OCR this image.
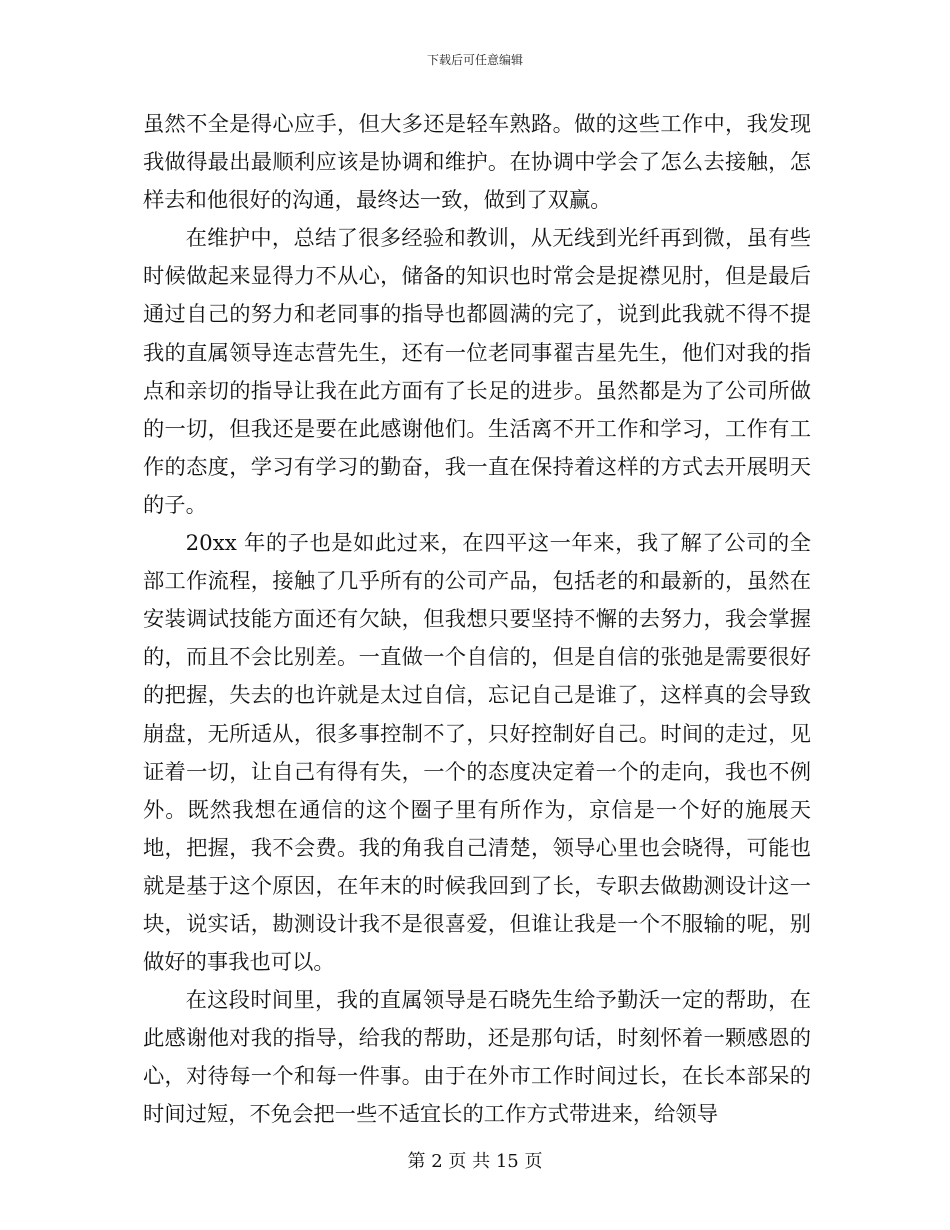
下载后可任意编辑

虽然不全是得心应手，但大多还是轻车熟路。做的这些工作中，我发现我做得最出最顺利应该是协调和维护。在协调中学会了怎么去接触，怎样去和他很好的沟通，最终达一致，做到了双赢。

在维护中，总结了很多经验和教训，从无线到光纤再到微，虽有些时候做起来显得力不从心，储备的知识也时常会是捉襟见肘，但是最后通过自己的努力和老同事的指导也都圆满的完了，说到此我就不得不提我的直属领导连志营先生，还有一位老同事翟吉星先生，他们对我的指点和亲切的指导让我在此方面有了长足的进步。虽然都是为了公司所做的一切，但我还是要在此感谢他们。生活离不开工作和学习，工作有工作的态度，学习有学习的勤奋，我一直在保持着这样的方式去开展明天的子。

20xx 年的子也是如此过来，在四平这一年来，我了解了公司的全部工作流程，接触了几乎所有的公司产品，包括老的和最新的，虽然在安装调试技能方面还有欠缺，但我想只要坚持不懈的去努力，我会掌握的，而且不会比别差。一直做一个自信的，但是自信的张弛是需要很好的把握，失去的也许就是太过自信，忘记自己是谁了，这样真的会导致崩盘，无所适从，很多事控制不了，只好控制好自己。时间的走过，见证着一切，让自己有得有失，一个的态度决定着一个的走向，我也不例外。既然我想在通信的这个圈子里有所作为，京信是一个好的施展天地，把握，我不会费。我的角我自己清楚，领导心里也会晓得，可能也就是基于这个原因，在年末的时候我回到了长，专职去做勘测设计这一块，说实话，勘测设计我不是很喜爱，但谁让我是一个不服输的呢，别做好的事我也可以。

在这段时间里，我的直属领导是石晓先生给予勤沃一定的帮助，在此感谢他对我的指导，给我的帮助，还是那句话，时刻怀着一颗感恩的心，对待每一个和每一件事。由于在外市工作时间过长，在长本部呆的时间过短，不免会把一些不适宜长的工作方式带进来，给领导

第 2 页 共 15 页
